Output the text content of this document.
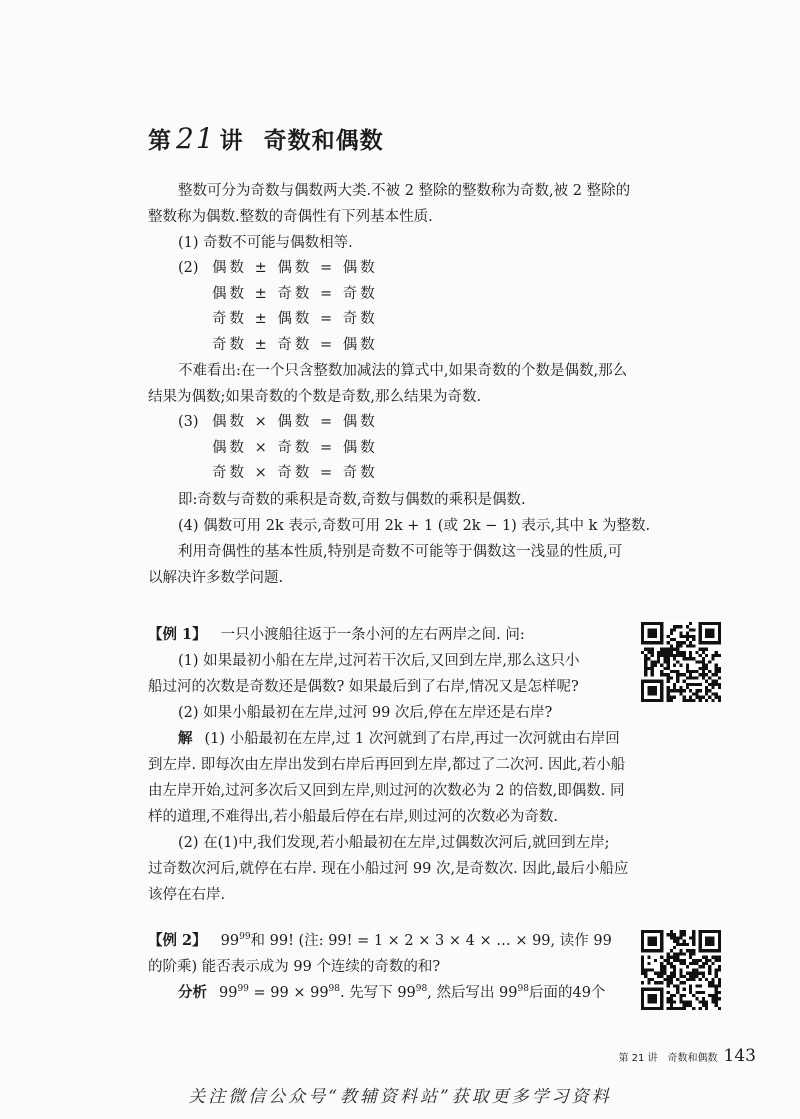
第 21 讲 奇数和偶数
整数可分为奇数与偶数两大类.不被 2 整除的整数称为奇数,被 2 整除的
整数称为偶数.整数的奇偶性有下列基本性质.
(1) 奇数不可能与偶数相等.
(2) 偶数 ± 偶数 = 偶数
偶数 ± 奇数 = 奇数
奇数 ± 偶数 = 奇数
奇数 ± 奇数 = 偶数
不难看出:在一个只含整数加减法的算式中,如果奇数的个数是偶数,那么
结果为偶数;如果奇数的个数是奇数,那么结果为奇数.
(3) 偶数 × 偶数 = 偶数
偶数 × 奇数 = 偶数
奇数 × 奇数 = 奇数
即:奇数与奇数的乘积是奇数,奇数与偶数的乘积是偶数.
(4) 偶数可用 2k 表示,奇数可用 2k + 1 (或 2k − 1) 表示,其中 k 为整数.
利用奇偶性的基本性质,特别是奇数不可能等于偶数这一浅显的性质,可
以解决许多数学问题.
【例 1】 一只小渡船往返于一条小河的左右两岸之间. 问:
(1) 如果最初小船在左岸,过河若干次后,又回到左岸,那么这只小
船过河的次数是奇数还是偶数? 如果最后到了右岸,情况又是怎样呢?
(2) 如果小船最初在左岸,过河 99 次后,停在左岸还是右岸?
解 (1) 小船最初在左岸,过 1 次河就到了右岸,再过一次河就由右岸回
到左岸. 即每次由左岸出发到右岸后再回到左岸,都过了二次河. 因此,若小船
由左岸开始,过河多次后又回到左岸,则过河的次数必为 2 的倍数,即偶数. 同
样的道理,不难得出,若小船最后停在右岸,则过河的次数必为奇数.
(2) 在(1)中,我们发现,若小船最初在左岸,过偶数次河后,就回到左岸;
过奇数次河后,就停在右岸. 现在小船过河 99 次,是奇数次. 因此,最后小船应
该停在右岸.
【例 2】 $99^{99}$和 99! (注: 99! = 1 × 2 × 3 × 4 × … × 99, 读作 99
的阶乘) 能否表示成为 99 个连续的奇数的和?
分析 $99^{99} = 99 \times 99^{98}$. 先写下 $99^{98}$, 然后写出 $99^{98}$后面的49个
第 21 讲　奇数和偶数 143
关注微信公众号“教辅资料站”获取更多学习资料
